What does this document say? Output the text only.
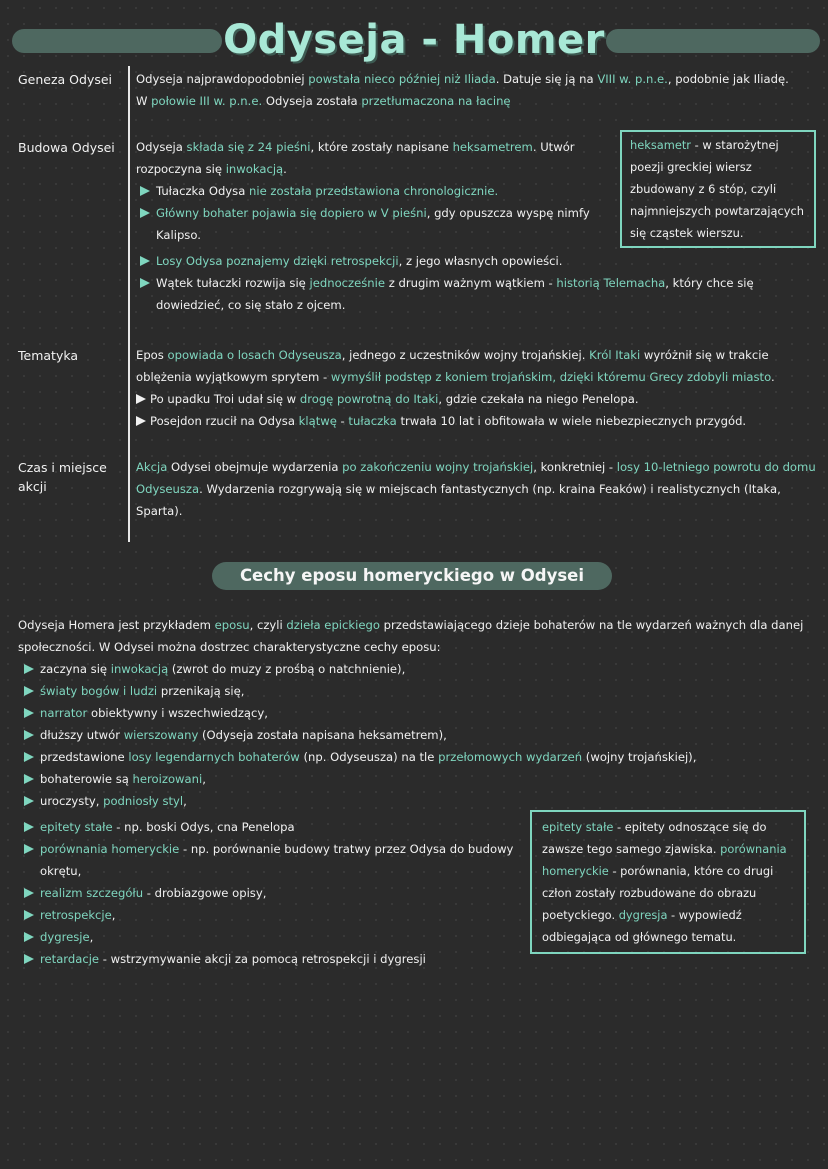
Odyseja - Homer
Geneza Odysei Odyseja najprawdopodobniej powstała nieco później niż Iliada. Datuje się ją na VIII w. p.n.e., podobnie jak Iliadę.
W połowie III w. p.n.e. Odyseja została przetłumaczona na łacinę
Budowa Odysei Odyseja składa się z 24 pieśni, które zostały napisane heksametrem. Utwór rozpoczyna się inwokacją.
Tułaczka Odysa nie została przedstawiona chronologicznie.
Główny bohater pojawia się dopiero w V pieśni, gdy opuszcza wyspę nimfy Kalipso.
Losy Odysa poznajemy dzięki retrospekcji, z jego własnych opowieści.
Wątek tułaczki rozwija się jednocześnie z drugim ważnym wątkiem - historią Telemacha, który chce się dowiedzieć, co się stało z ojcem.
heksametr - w starożytnej poezji greckiej wiersz zbudowany z 6 stóp, czyli najmniejszych powtarzających się cząstek wierszu.
Tematyka	Epos opowiada o losach Odyseusza, jednego z uczestników wojny trojańskiej. Król Itaki wyróżnił się w trakcie oblężenia wyjątkowym sprytem - wymyślił podstęp z koniem trojańskim, dzięki któremu Grecy zdobyli miasto.
Po upadku Troi udał się w drogę powrotną do Itaki, gdzie czekała na niego Penelopa.
Posejdon rzucił na Odysa klątwę - tułaczka trwała 10 lat i obfitowała w wiele niebezpiecznych przygód.
Czas i miejsce akcji
Akcja Odysei obejmuje wydarzenia po zakończeniu wojny trojańskiej, konkretniej - losy 10-letniego powrotu do domu Odyseusza. Wydarzenia rozgrywają się w miejscach fantastycznych (np. kraina Feaków) i realistycznych (Itaka, Sparta).
Cechy eposu homeryckiego w Odysei
Odyseja Homera jest przykładem eposu, czyli dzieła epickiego przedstawiającego dzieje bohaterów na tle wydarzeń ważnych dla danej społeczności. W Odysei można dostrzec charakterystyczne cechy eposu:
zaczyna się inwokacją (zwrot do muzy z prośbą o natchnienie),
światy bogów i ludzi przenikają się,
narrator obiektywny i wszechwiedzący,
dłuższy utwór wierszowany (Odyseja została napisana heksametrem),
przedstawione losy legendarnych bohaterów (np. Odyseusza) na tle przełomowych wydarzeń (wojny trojańskiej),
bohaterowie są heroizowani,
uroczysty, podniosły styl,
epitety stałe - np. boski Odys, cna Penelopa
porównania homeryckie - np. porównanie budowy tratwy przez Odysa do budowy okrętu,
realizm szczegółu - drobiazgowe opisy,
retrospekcje,
dygresje,
retardacje - wstrzymywanie akcji za pomocą retrospekcji i dygresji
epitety stałe - epitety odnoszące się do zawsze tego samego zjawiska. porównania homeryckie - porównania, które co drugi człon zostały rozbudowane do obrazu poetyckiego. dygresja - wypowiedź odbiegająca od głównego tematu.
